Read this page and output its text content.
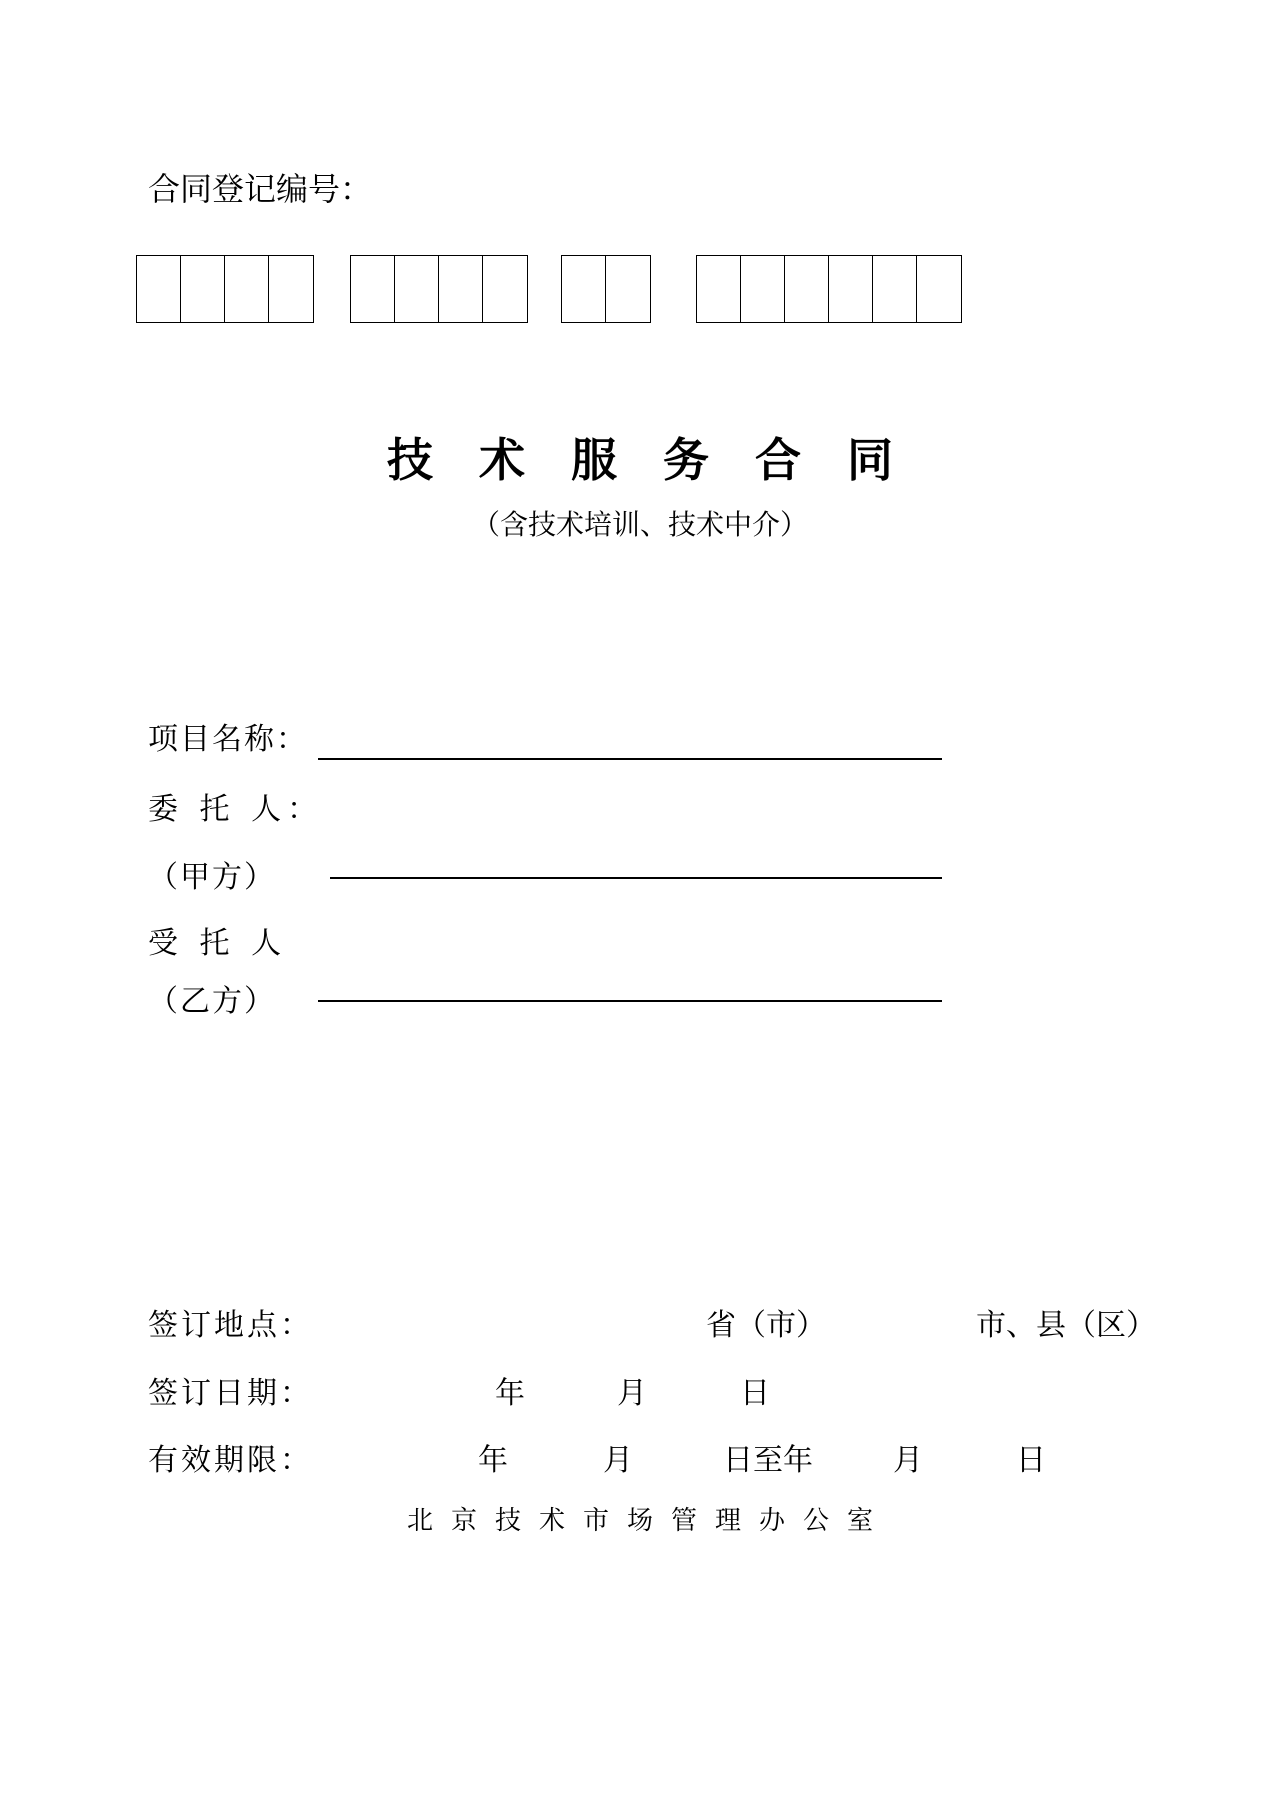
合同登记编号：
技术服务合同
（含技术培训、技术中介）
项目名称：
委 托 人：
（甲方）
受 托 人
（乙方）
签订地点：	省（市）	市、县（区）
签订日期：	年	月	日
有效期限：	年	月	日至年	月	日
北京技术市场管理办公室
